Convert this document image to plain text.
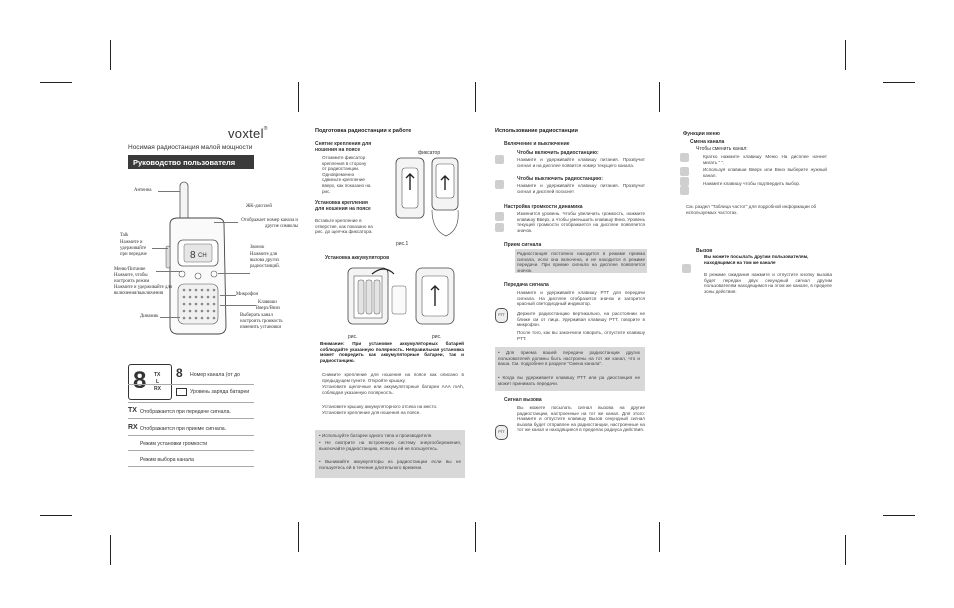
voxtel®
Носимая радиостанция малой мощности
Руководство пользователя
8 CH
Антенна
ЖК-дисплей
Отображает номер канала и другие символы
Talk
Нажмите и
удерживайте
при передаче
Меню/Питание
Нажмите, чтобы
настроить режим
Нажмите и удерживайте для
включения/выключения
Звонок
Нажмите для
вызова других
радиостанций.
Микрофон
Клавиши
Вверх/Вниз
Выбирать канал
настроить громкость
изменить установки
Динамик
8 TX
L
RX
8 Номер канала (от до
Уровень заряда батареи
TX Отображается при передаче сигнала.
RX Отображается при приеме сигнала.
Режим установки громкости
Режим выбора канала
Подготовка радиостанции к работе
Снятие крепления для ношения на поясе
Отожмите фиксатор крепления в сторону от радиостанции. Одновременно сдвиньте крепление вверх, как показано на рис.
фиксатор
рис.1
Установка крепления для ношения на поясе
Вставьте крепление в отверстие, как показано на рис. до щелчка фиксатора.
Установка аккумуляторов
рис.	рис.
Внимание: При установке аккумуляторных батарей соблюдайте указанную полярность. Неправильная установка может повредить как аккумуляторные батареи, так и радиостанцию.
Снимите крепление для ношения на поясе как описано в предыдущем пункте. Откройте крышку.
Установите щелочные или аккумуляторные батареи AAA mAh, соблюдая указанную полярность.
Установите крышку аккумуляторного отсека на место.
Установите крепление для ношения на поясе.
• Используйте батареи одного типа и производителя.
• Не смотрите на встроенную систему энергосбережения, выключайте радиостанцию, если вы ей не пользуетесь.
• Вынимайте аккумуляторы из радиостанции если вы не пользуетесь ей в течение длительного времени.
Использование радиостанции
Включение и выключение
Чтобы включить радиостанцию:
Нажмите и удерживайте клавишу питания. Прозвучит сигнал и на дисплее появится номер текущего канала.
Чтобы выключить радиостанцию:
Нажмите и удерживайте клавишу питания. Прозвучит сигнал и дисплей погаснет
Настройка громкости динамика
Изменится уровень. Чтобы увеличить громкость, нажмите клавишу Вверх, а чтобы уменьшить клавишу Вниз. Уровень текущей громкости отображается на дисплее появляется значок.
Прием сигнала
Радиостанция постоянно находится в режиме приема сигнала, если она включена, и не находится в режиме передачи. При приеме сигнала на дисплее появляется значок.
Передача сигнала
PTT
Нажмите и удерживайте клавишу PTT для передачи сигнала. На дисплее отобразится значок и загорится красный светодиодный индикатор.
Держите радиостанцию вертикально, на расстоянии не ближе см от лица. Удерживая клавишу PTT, говорите в микрофон.
После того, как вы закончили говорить, отпустите клавишу PTT.
• Для приема вашей передачи радиостанции других пользователей должны быть настроены на тот же канал, что и ваша. См. подробнее в разделе "Смена канала".
• Когда вы удерживаете клавишу PTT или ра диостанция не может принимать передачи.
Сигнал вызова
PTT
Вы можете посылать сигнал вызова на другие радиостанции, настроенные на тот же канал. Для этого: Нажмите и отпустите клавишу Вызов секундный сигнал вызова будет отправлен на радиостанции, настроенные на тот же канал и находящиеся в пределах радиуса действия.
Функции меню
Смена канала
Чтобы сменить канал:
Кратко нажмите клавишу Меню На дисплее начнет мигать " ".
Используя клавиши Вверх или Вниз выберите нужный канал.
Нажмите клавишу чтобы подтвердить выбор.
См. раздел "Таблица частот" для подробной информации об используемых частотах.
Вызов
Вы можете посылать другим пользователям, находящимся на том же канале
В режиме ожидания нажмите и отпустите кнопку вызова будет передан двух секундный сигнал другим пользователям находящимся на этом же канале, в пределе зоны действия.
